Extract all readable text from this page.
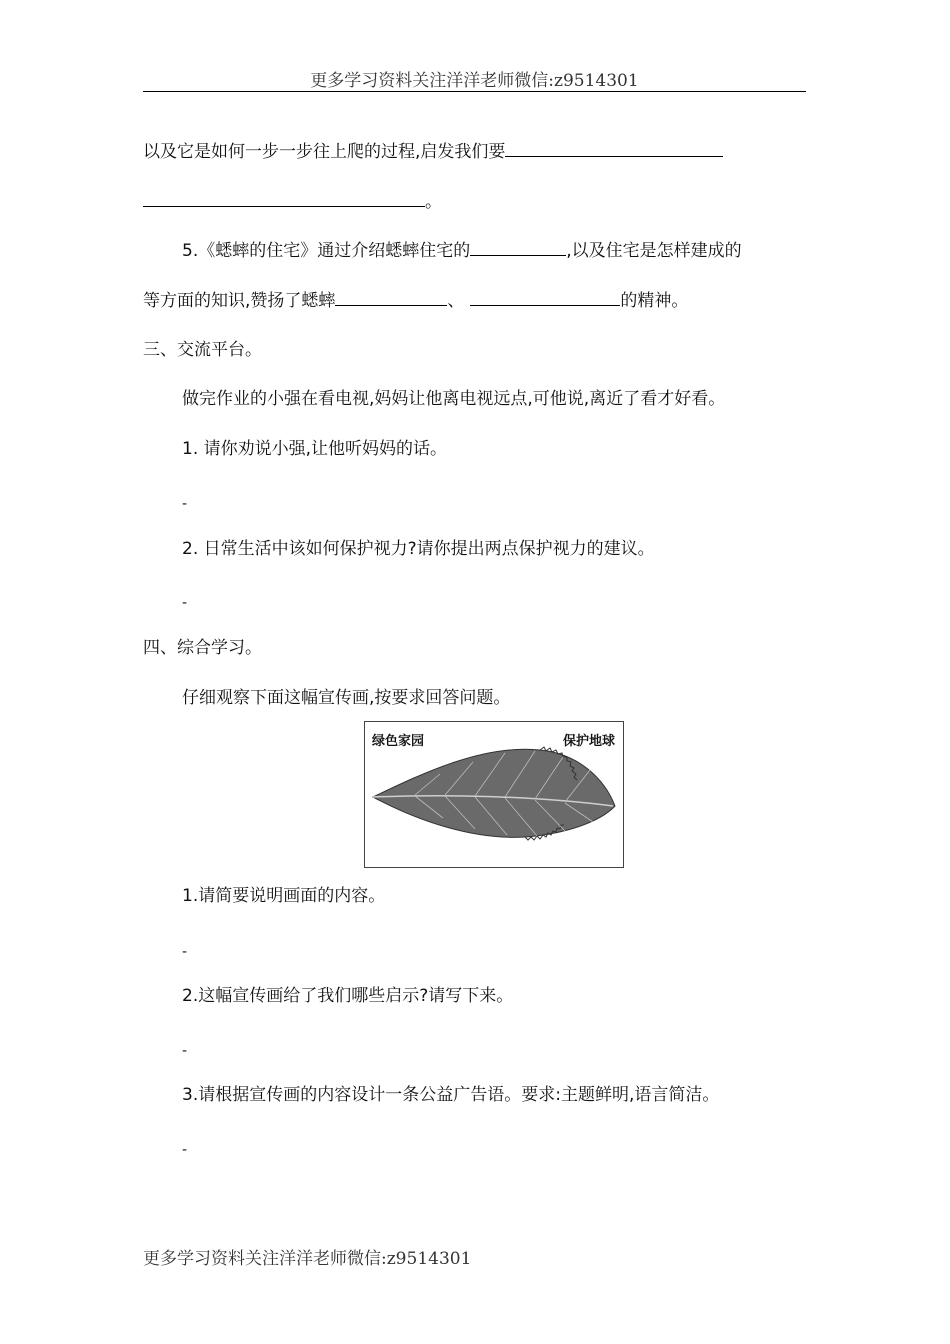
更多学习资料关注洋洋老师微信:z9514301
以及它是如何一步一步往上爬的过程,启发我们要
。
5.《蟋蟀的住宅》通过介绍蟋蟀住宅的	,以及住宅是怎样建成的
等方面的知识,赞扬了蟋蟀	、	的精神。
三、交流平台。
做完作业的小强在看电视,妈妈让他离电视远点,可他说,离近了看才好看。
1. 请你劝说小强,让他听妈妈的话。
-
2. 日常生活中该如何保护视力?请你提出两点保护视力的建议。
-
四、综合学习。
仔细观察下面这幅宣传画,按要求回答问题。
绿色家园	保护地球
1.请简要说明画面的内容。
-
2.这幅宣传画给了我们哪些启示?请写下来。
-
3.请根据宣传画的内容设计一条公益广告语。要求:主题鲜明,语言简洁。
-
更多学习资料关注洋洋老师微信:z9514301
